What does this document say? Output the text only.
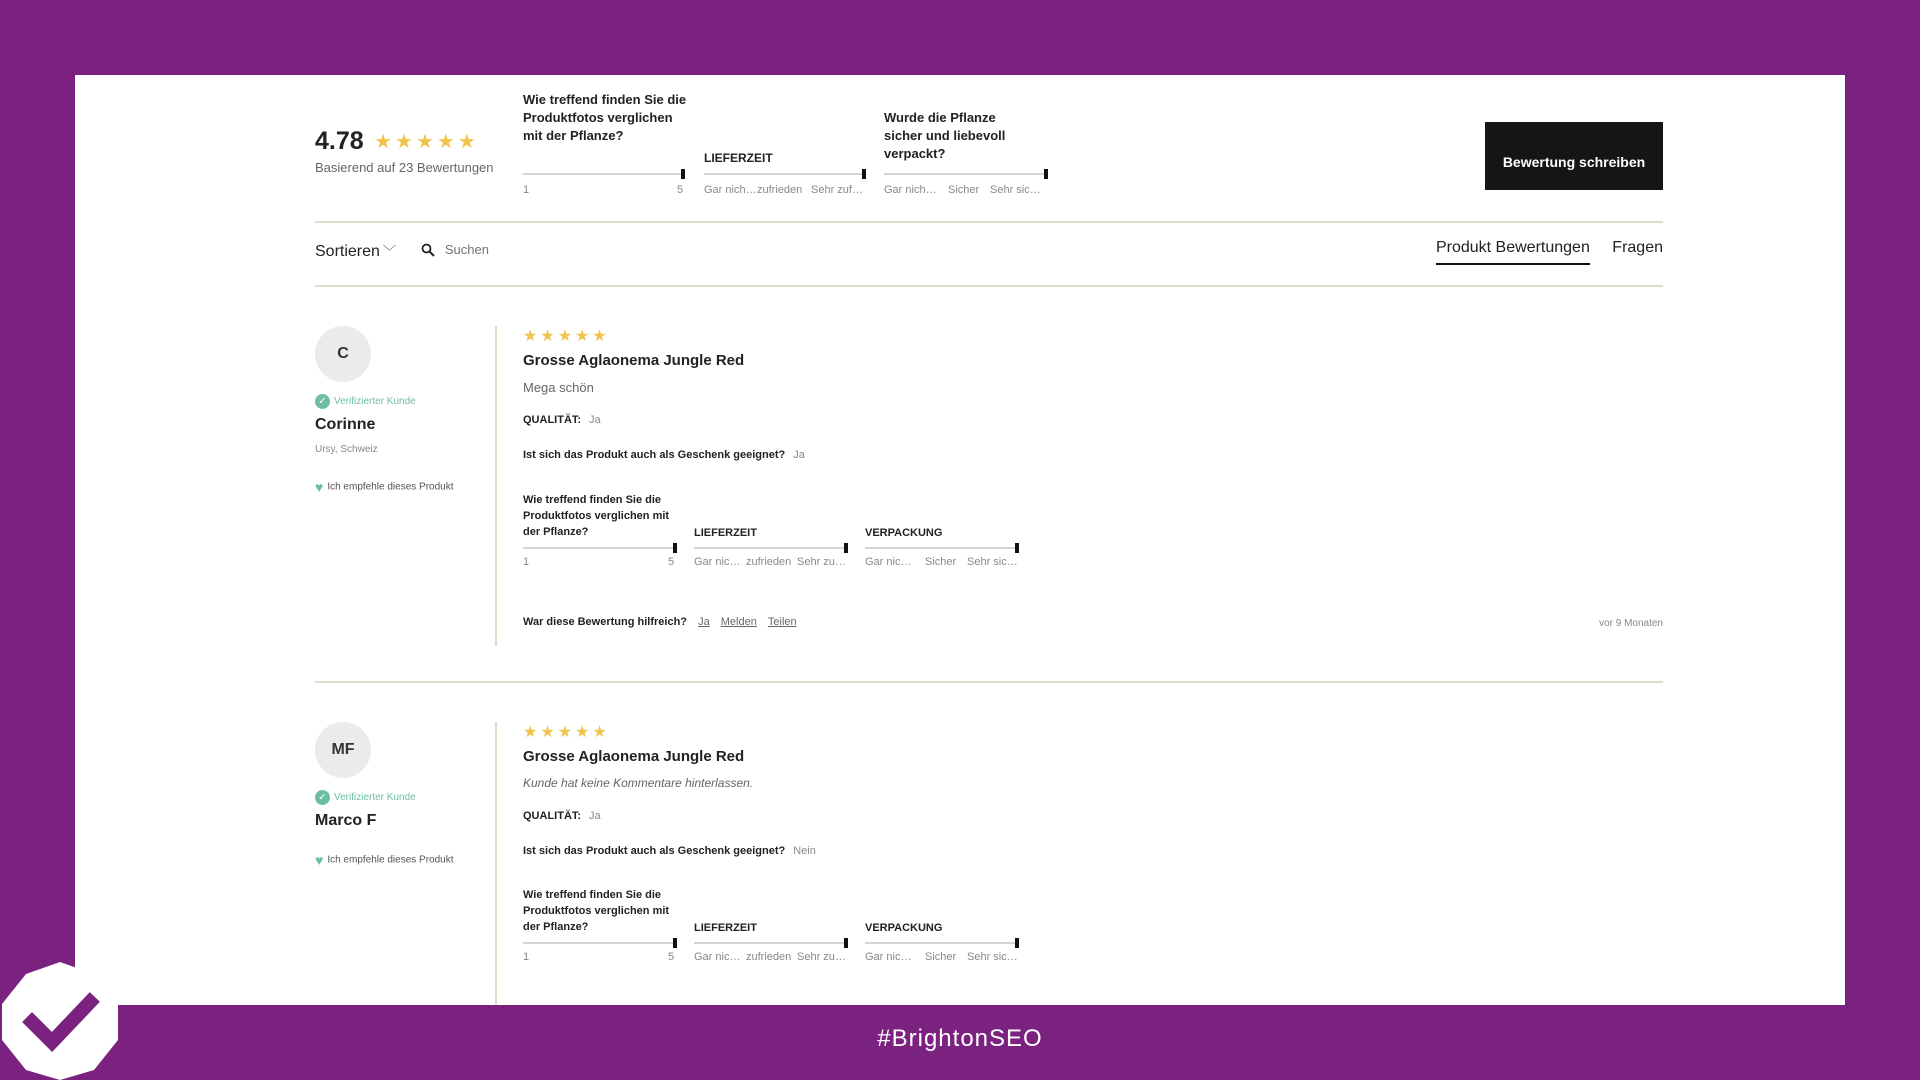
4.78 ★★★★★
Basierend auf 23 Bewertungen
Wie treffend finden Sie die Produktfotos verglichen mit der Pflanze?
1	5
LIEFERZEIT
Gar nich… zufrieden Sehr zuf…
Wurde die Pflanze sicher und liebevoll verpackt?
Gar nich… Sicher Sehr sic…
Bewertung schreiben
Sortieren ﹀
Suchen	Produkt Bewertungen Fragen
C
✓ Verifizierter Kunde
Corinne
Ursy, Schweiz
♥ Ich empfehle dieses Produkt
★★★★★
Grosse Aglaonema Jungle Red
Mega schön
QUALITÄT: Ja
Ist sich das Produkt auch als Geschenk geeignet? Ja
Wie treffend finden Sie die Produktfotos verglichen mit der Pflanze?
1	5
LIEFERZEIT
Gar nic… zufrieden Sehr zu…
VERPACKUNG
Gar nic… Sicher Sehr sic…
War diese Bewertung hilfreich? Ja Melden Teilen	vor 9 Monaten
MF
✓ Verifizierter Kunde
Marco F
♥ Ich empfehle dieses Produkt
★★★★★
Grosse Aglaonema Jungle Red
Kunde hat keine Kommentare hinterlassen.
QUALITÄT: Ja
Ist sich das Produkt auch als Geschenk geeignet? Nein
Wie treffend finden Sie die Produktfotos verglichen mit der Pflanze?
1	5
LIEFERZEIT
Gar nic… zufrieden Sehr zu…
VERPACKUNG
Gar nic… Sicher Sehr sic…
#BrightonSEO
